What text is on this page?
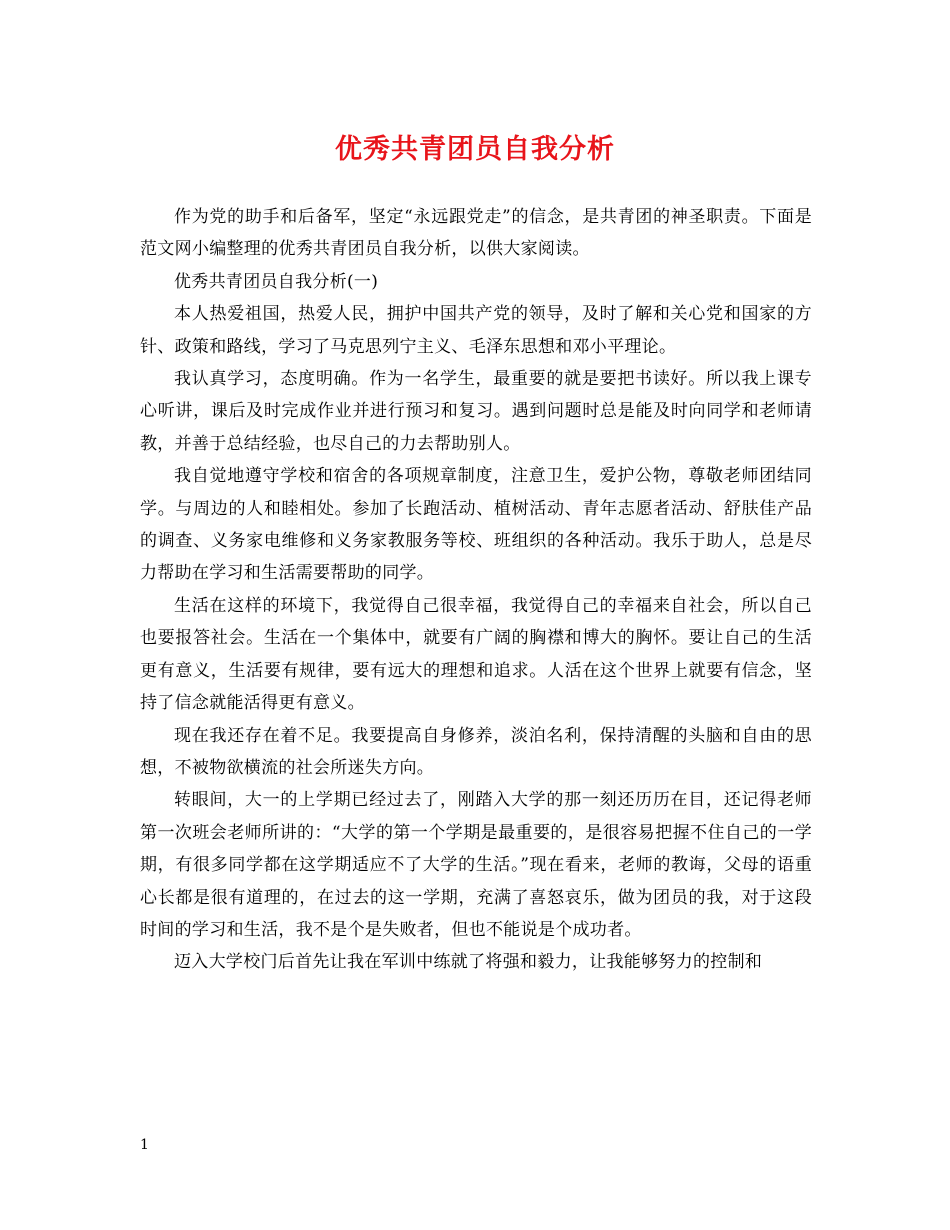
优秀共青团员自我分析

作为党的助手和后备军，坚定“永远跟党走”的信念，是共青团的神圣职责。下面是范文网小编整理的优秀共青团员自我分析，以供大家阅读。

优秀共青团员自我分析(一)

本人热爱祖国，热爱人民，拥护中国共产党的领导，及时了解和关心党和国家的方针、政策和路线，学习了马克思列宁主义、毛泽东思想和邓小平理论。

我认真学习，态度明确。作为一名学生，最重要的就是要把书读好。所以我上课专心听讲，课后及时完成作业并进行预习和复习。遇到问题时总是能及时向同学和老师请教，并善于总结经验，也尽自己的力去帮助别人。

我自觉地遵守学校和宿舍的各项规章制度，注意卫生，爱护公物，尊敬老师团结同学。与周边的人和睦相处。参加了长跑活动、植树活动、青年志愿者活动、舒肤佳产品的调查、义务家电维修和义务家教服务等校、班组织的各种活动。我乐于助人，总是尽力帮助在学习和生活需要帮助的同学。

生活在这样的环境下，我觉得自己很幸福，我觉得自己的幸福来自社会，所以自己也要报答社会。生活在一个集体中，就要有广阔的胸襟和博大的胸怀。要让自己的生活更有意义，生活要有规律，要有远大的理想和追求。人活在这个世界上就要有信念，坚持了信念就能活得更有意义。

现在我还存在着不足。我要提高自身修养，淡泊名利，保持清醒的头脑和自由的思想，不被物欲横流的社会所迷失方向。

转眼间，大一的上学期已经过去了，刚踏入大学的那一刻还历历在目，还记得老师第一次班会老师所讲的：“大学的第一个学期是最重要的，是很容易把握不住自己的一学期，有很多同学都在这学期适应不了大学的生活。”现在看来，老师的教诲，父母的语重心长都是很有道理的，在过去的这一学期，充满了喜怒哀乐，做为团员的我，对于这段时间的学习和生活，我不是个是失败者，但也不能说是个成功者。

迈入大学校门后首先让我在军训中练就了将强和毅力，让我能够努力的控制和

1
